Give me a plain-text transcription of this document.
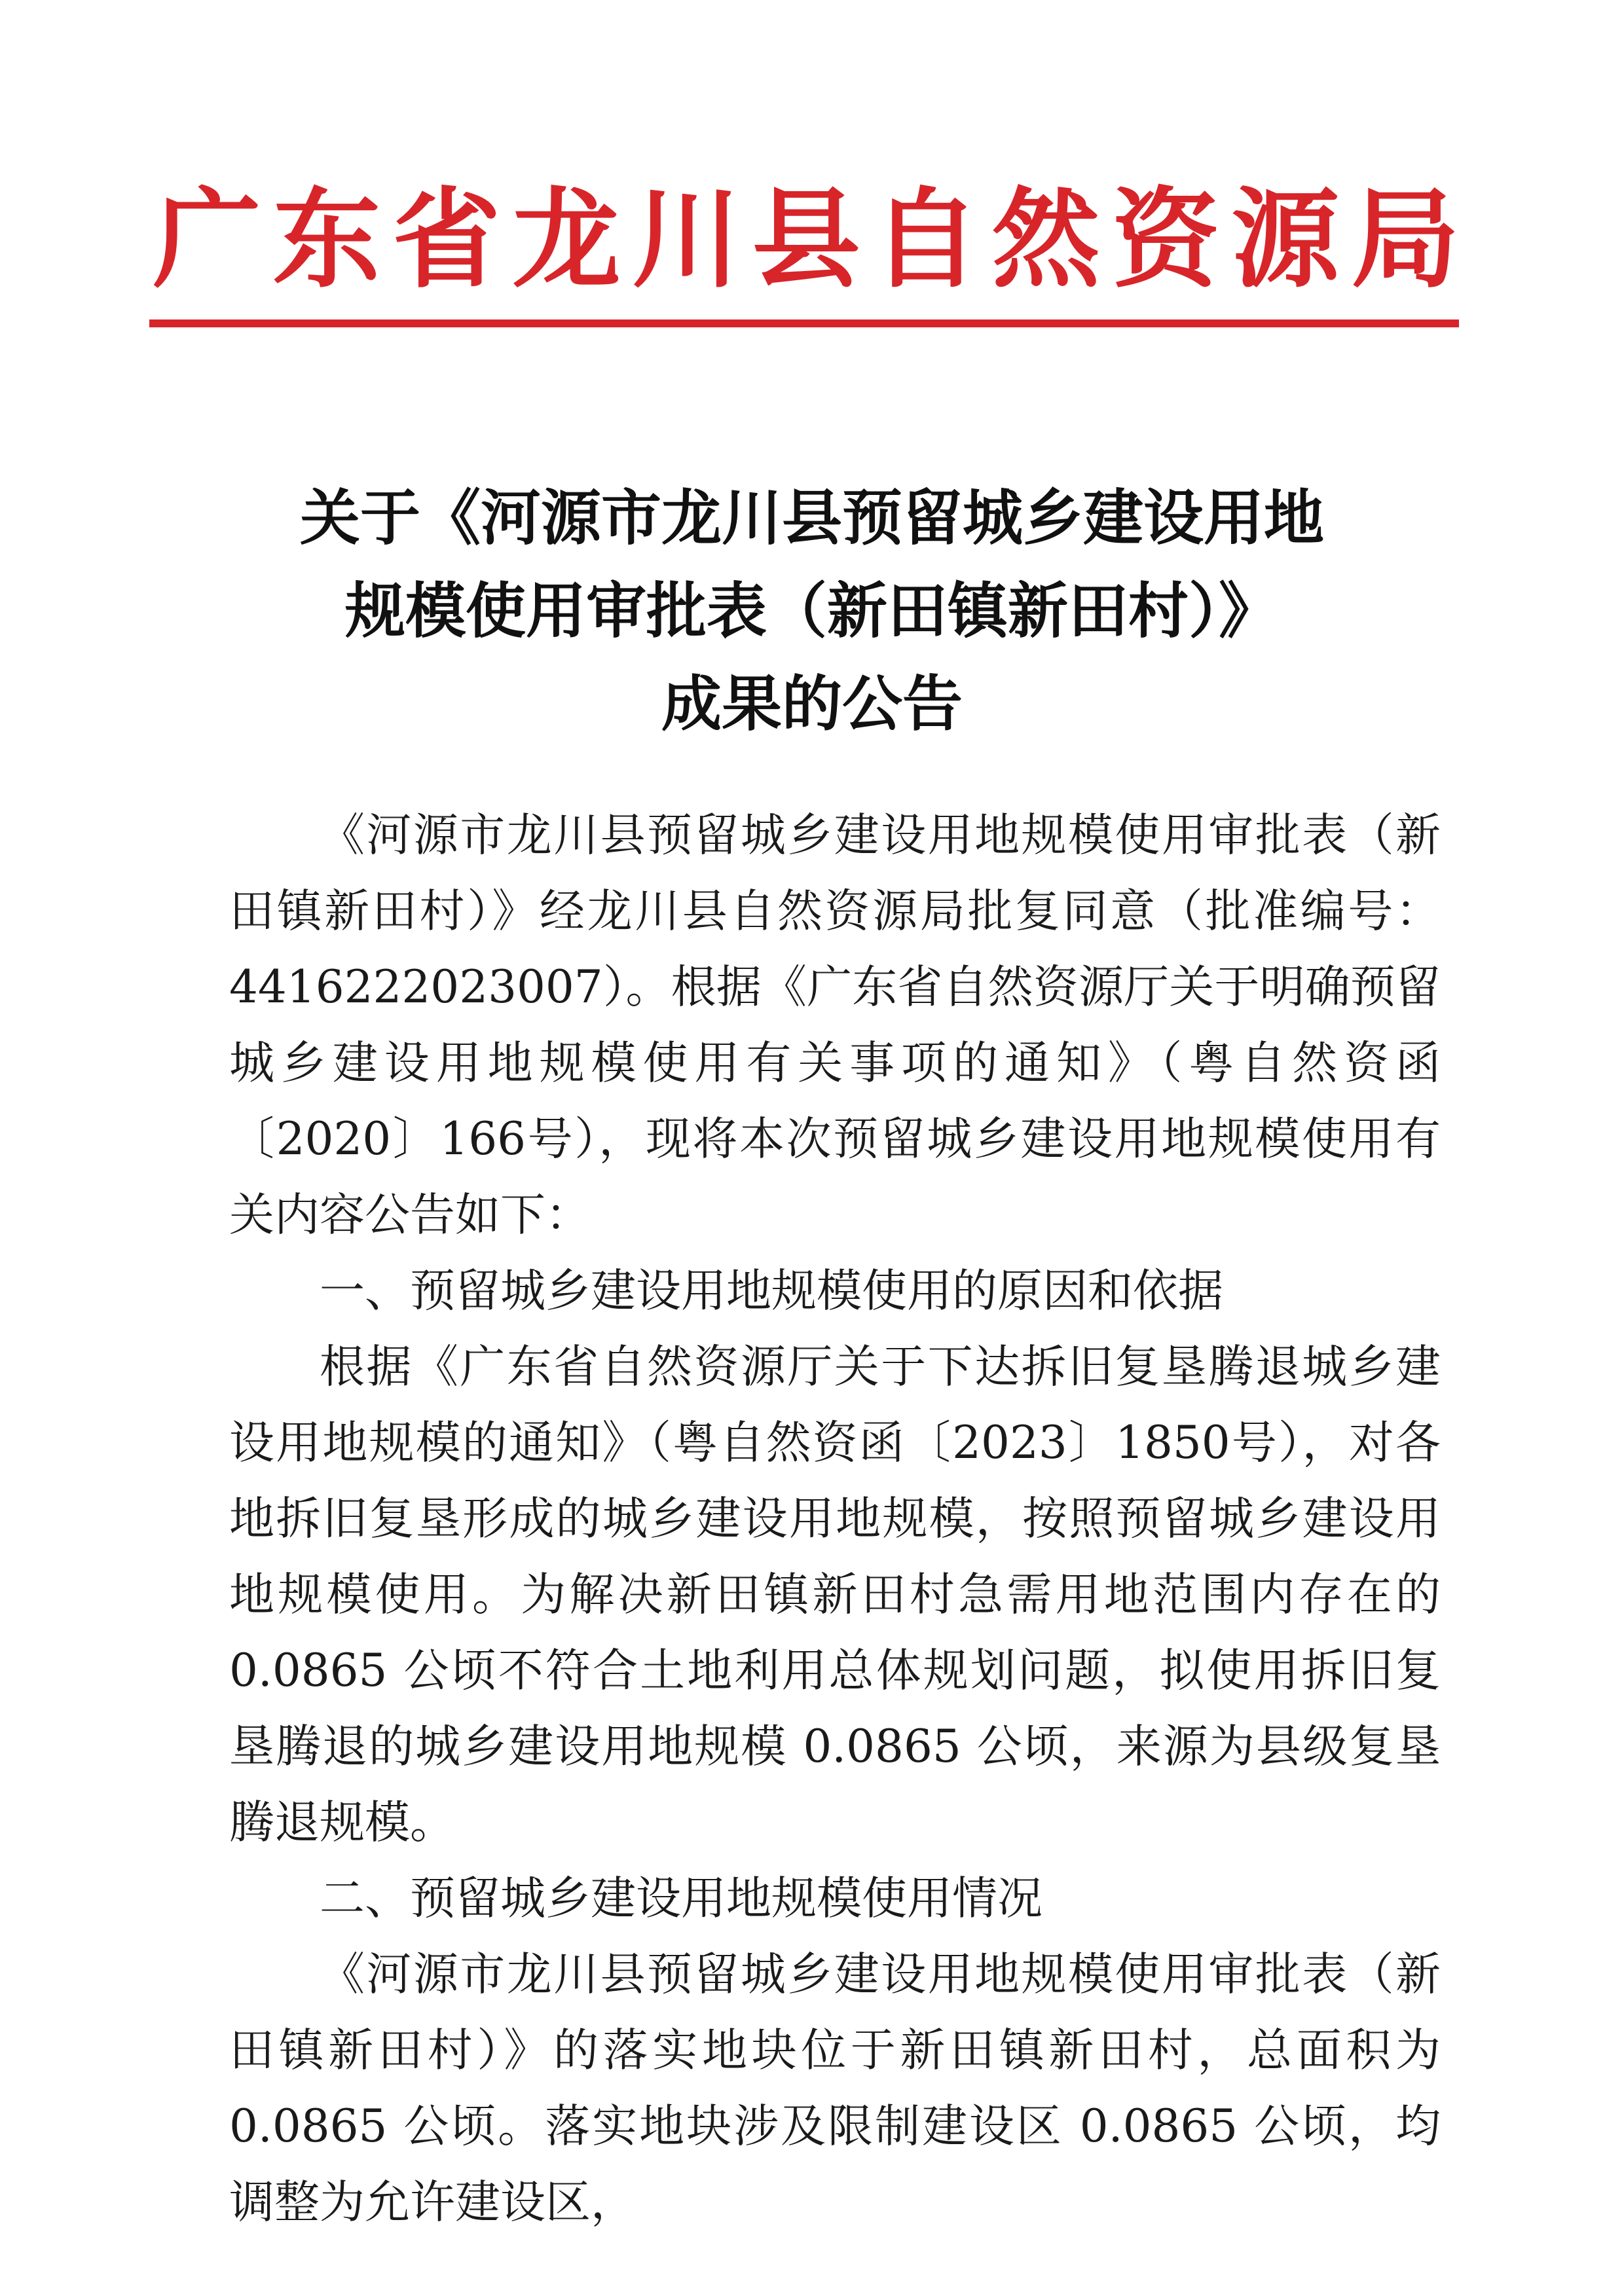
广东省龙川县自然资源局
关于《河源市龙川县预留城乡建设用地
规模使用审批表（新田镇新田村）》
成果的公告

《河源市龙川县预留城乡建设用地规模使用审批表（新田镇新田村）》经龙川县自然资源局批复同意（批准编号：4416222023007）。根据《广东省自然资源厅关于明确预留城乡建设用地规模使用有关事项的通知》（粤自然资函〔2020〕166号），现将本次预留城乡建设用地规模使用有关内容公告如下：

一、预留城乡建设用地规模使用的原因和依据

根据《广东省自然资源厅关于下达拆旧复垦腾退城乡建设用地规模的通知》（粤自然资函〔2023〕1850号），对各地拆旧复垦形成的城乡建设用地规模，按照预留城乡建设用地规模使用。为解决新田镇新田村急需用地范围内存在的 0.0865 公顷不符合土地利用总体规划问题，拟使用拆旧复垦腾退的城乡建设用地规模 0.0865 公顷，来源为县级复垦腾退规模。

二、预留城乡建设用地规模使用情况

《河源市龙川县预留城乡建设用地规模使用审批表（新田镇新田村）》的落实地块位于新田镇新田村，总面积为 0.0865 公顷。落实地块涉及限制建设区 0.0865 公顷，均调整为允许建设区，
